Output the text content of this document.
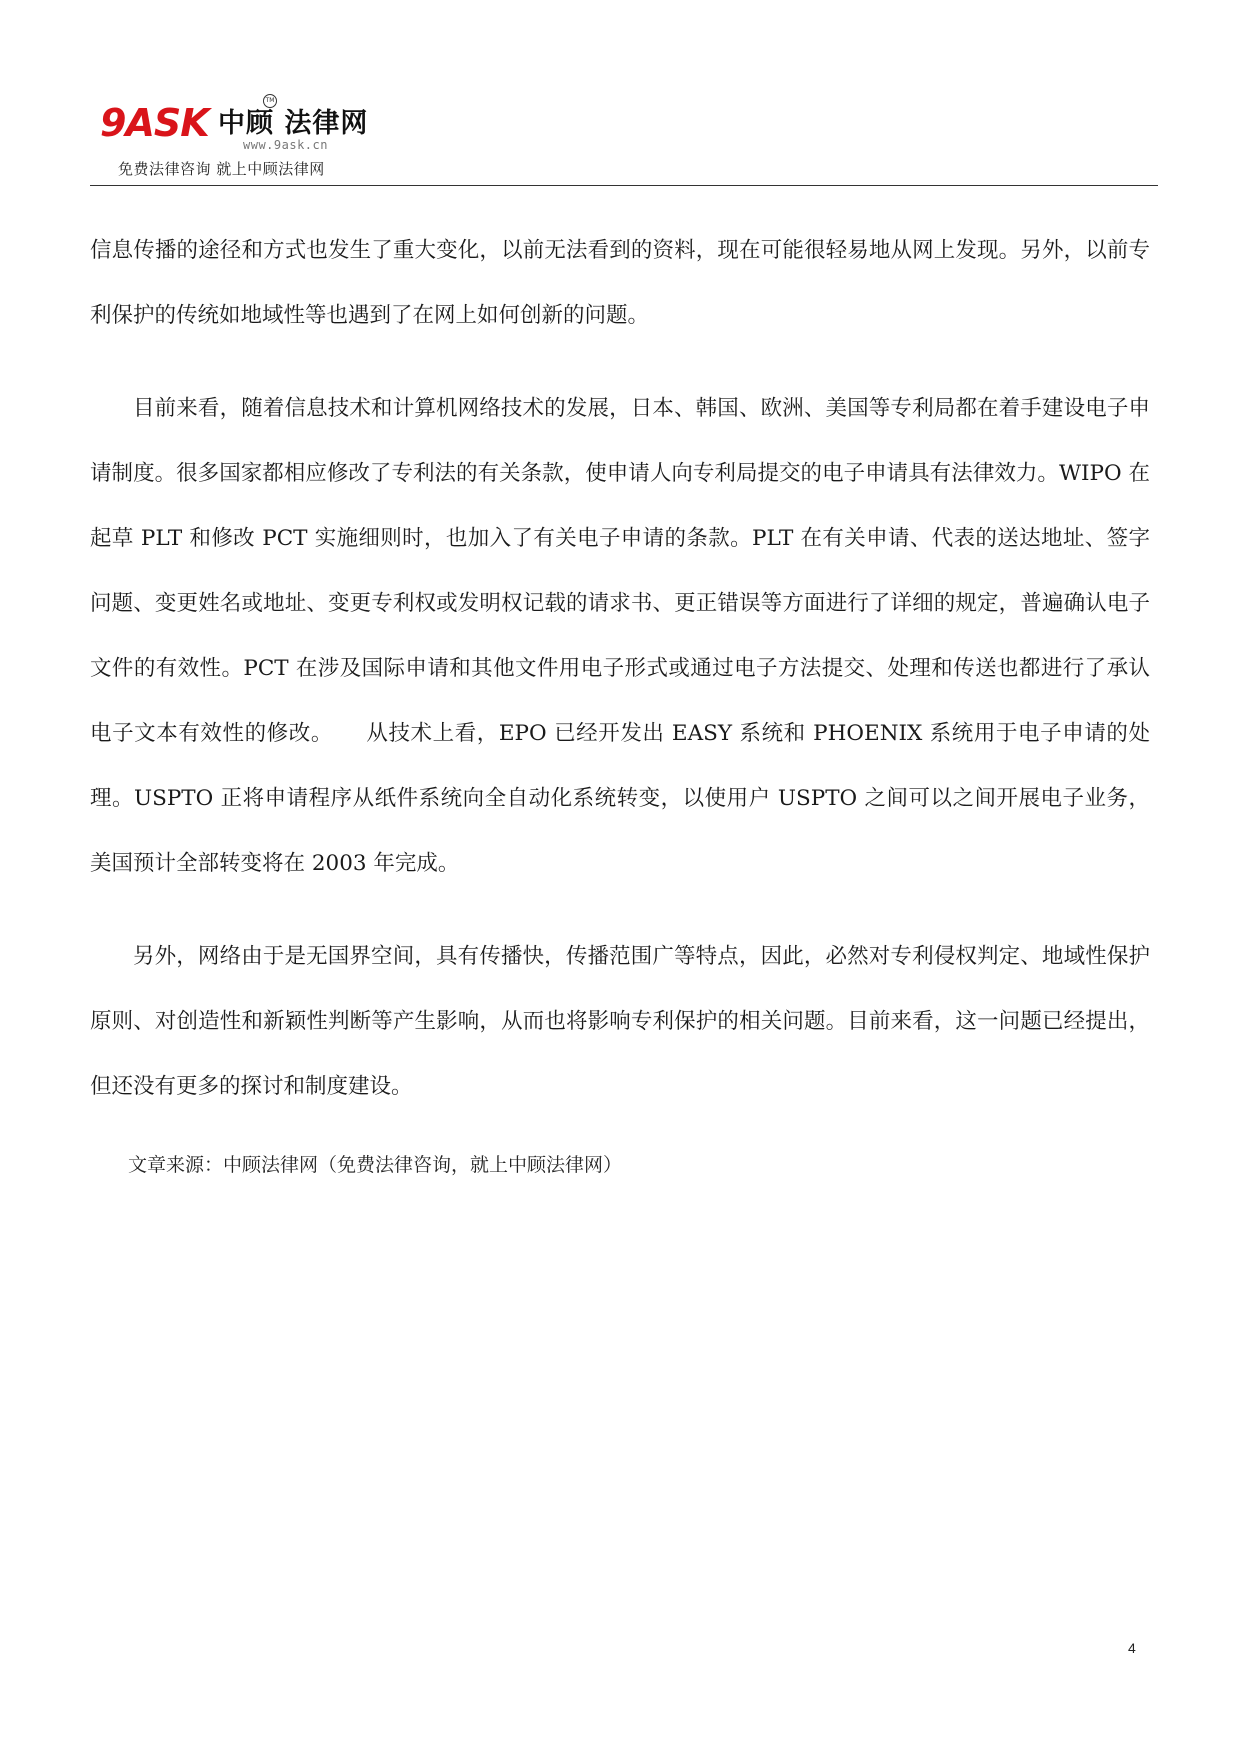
9ASK 中顾 法律网
TM
www.9ask.cn
免费法律咨询 就上中顾法律网

信息传播的途径和方式也发生了重大变化，以前无法看到的资料，现在可能很轻易地从网上发现。另外，以前专利保护的传统如地域性等也遇到了在网上如何创新的问题。

目前来看，随着信息技术和计算机网络技术的发展，日本、韩国、欧洲、美国等专利局都在着手建设电子申请制度。很多国家都相应修改了专利法的有关条款，使申请人向专利局提交的电子申请具有法律效力。WIPO 在起草 PLT 和修改 PCT 实施细则时，也加入了有关电子申请的条款。PLT 在有关申请、代表的送达地址、签字问题、变更姓名或地址、变更专利权或发明权记载的请求书、更正错误等方面进行了详细的规定，普遍确认电子文件的有效性。PCT 在涉及国际申请和其他文件用电子形式或通过电子方法提交、处理和传送也都进行了承认电子文本有效性的修改。　　从技术上看，EPO 已经开发出 EASY 系统和 PHOENIX 系统用于电子申请的处理。USPTO 正将申请程序从纸件系统向全自动化系统转变，以使用户 USPTO 之间可以之间开展电子业务，美国预计全部转变将在 2003 年完成。

另外，网络由于是无国界空间，具有传播快，传播范围广等特点，因此，必然对专利侵权判定、地域性保护原则、对创造性和新颖性判断等产生影响，从而也将影响专利保护的相关问题。目前来看，这一问题已经提出，但还没有更多的探讨和制度建设。

文章来源：中顾法律网（免费法律咨询，就上中顾法律网）

4
